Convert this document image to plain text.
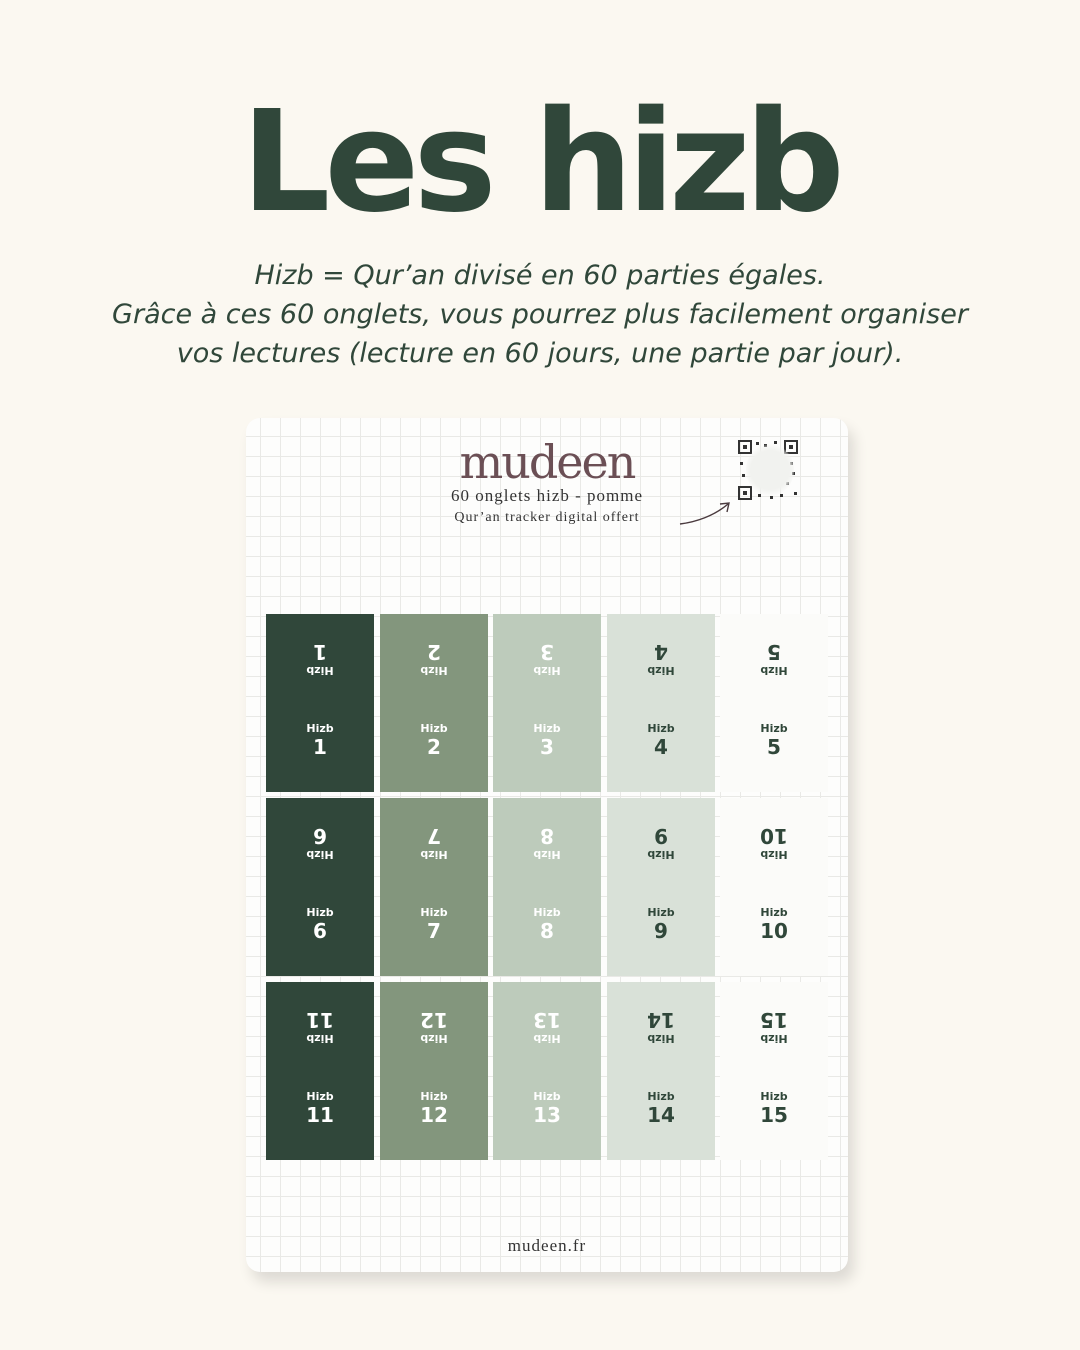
Les hizb
Hizb = Qur’an divisé en 60 parties égales.
Grâce à ces 60 onglets, vous pourrez plus facilement organiser
vos lectures (lecture en 60 jours, une partie par jour).
mudeen
60 onglets hizb - pomme
Qur’an tracker digital offert
Hizb
1
Hizb
1
Hizb
2
Hizb
2
Hizb
3
Hizb
3
Hizb
4
Hizb
4
Hizb
5
Hizb
5
Hizb
6
Hizb
6
Hizb
7
Hizb
7
Hizb
8
Hizb
8
Hizb
9
Hizb
9
Hizb
10
Hizb
10
Hizb
11
Hizb
11
Hizb
12
Hizb
12
Hizb
13
Hizb
13
Hizb
14
Hizb
14
Hizb
15
Hizb
15
mudeen.fr
